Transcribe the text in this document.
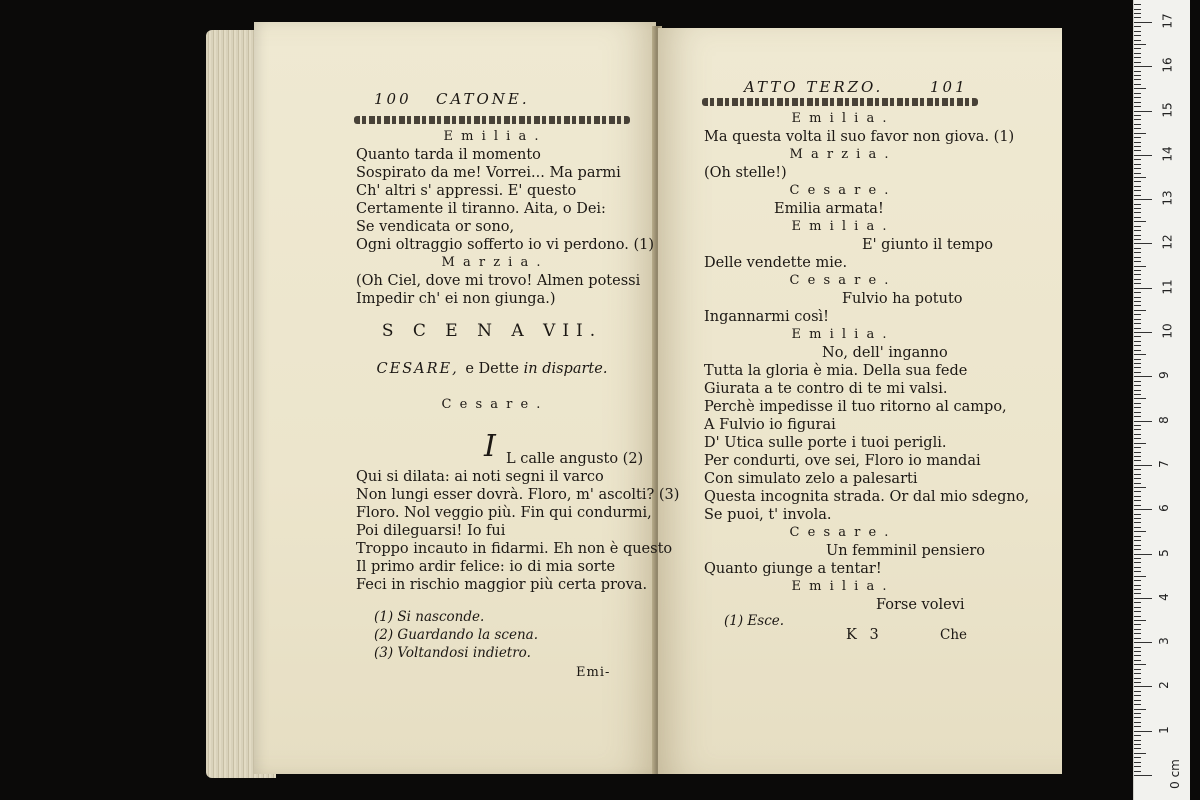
100 CATONE.
E m i l i a .
Quanto tarda il momento
Sospirato da me! Vorrei... Ma parmi
Ch' altri s' appressi. E' questo
Certamente il tiranno. Aita, o Dei:
Se vendicata or sono,
Ogni oltraggio sofferto io vi perdono. (1)
M a r z i a .
(Oh Ciel, dove mi trovo! Almen potessi
Impedir ch' ei non giunga.)
S C E N A VII.
CESARE, e Dette in disparte.
C e s a r e .
I L calle angusto (2)
Qui si dilata: ai noti segni il varco
Non lungi esser dovrà. Floro, m' ascolti? (3)
Floro. Nol veggio più. Fin qui condurmi,
Poi dileguarsi! Io fui
Troppo incauto in fidarmi. Eh non è questo
Il primo ardir felice: io di mia sorte
Feci in rischio maggior più certa prova.
(1) Si nasconde.
(2) Guardando la scena.
(3) Voltandosi indietro.
Emi-
ATTO TERZO.	101
E m i l i a .
Ma questa volta il suo favor non giova. (1)
M a r z i a .
(Oh stelle!)
C e s a r e .
Emilia armata!
E m i l i a .
E' giunto il tempo
Delle vendette mie.
C e s a r e .
Fulvio ha potuto
Ingannarmi così!
E m i l i a .
No, dell' inganno
Tutta la gloria è mia. Della sua fede
Giurata a te contro di te mi valsi.
Perchè impedisse il tuo ritorno al campo,
A Fulvio io figurai
D' Utica sulle porte i tuoi perigli.
Per condurti, ove sei, Floro io mandai
Con simulato zelo a palesarti
Questa incognita strada. Or dal mio sdegno,
Se puoi, t' invola.
C e s a r e .
Un femminil pensiero
Quanto giunge a tentar!
E m i l i a .
Forse volevi
(1) Esce.
K 3	Che
0 cm
1
2
3
4
5
6
7
8
9
10
11
12
13
14
15
16
17
